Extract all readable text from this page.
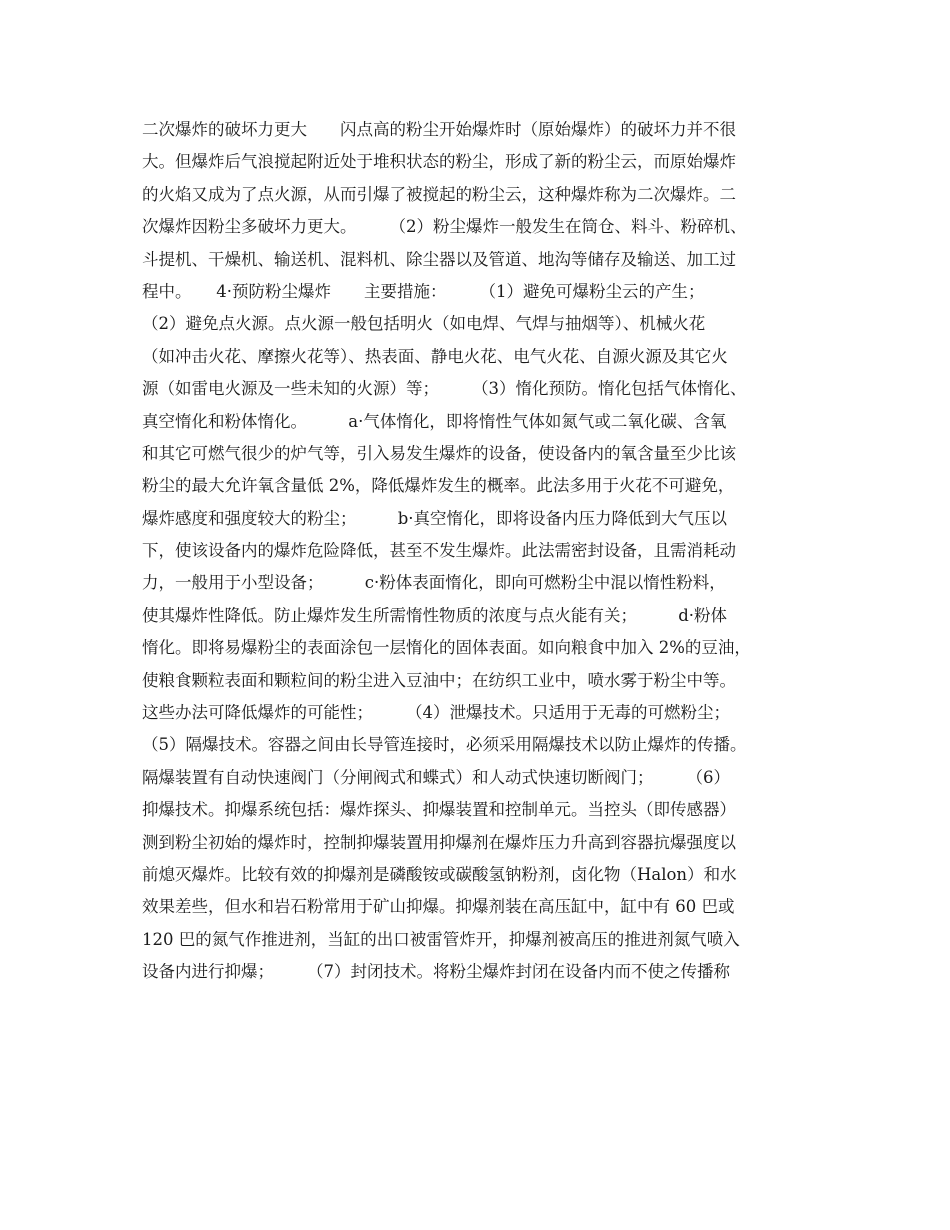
二次爆炸的破坏力更大　　闪点高的粉尘开始爆炸时（原始爆炸）的破坏力并不很
大。但爆炸后气浪搅起附近处于堆积状态的粉尘，形成了新的粉尘云，而原始爆炸
的火焰又成为了点火源，从而引爆了被搅起的粉尘云，这种爆炸称为二次爆炸。二
次爆炸因粉尘多破坏力更大。　　　（2）粉尘爆炸一般发生在筒仓、料斗、粉碎机、
斗提机、干燥机、输送机、混料机、除尘器以及管道、地沟等储存及输送、加工过
程中。　　4·预防粉尘爆炸　　主要措施：　　　（1）避免可爆粉尘云的产生；
（2）避免点火源。点火源一般包括明火（如电焊、气焊与抽烟等）、机械火花
（如冲击火花、摩擦火花等）、热表面、静电火花、电气火花、自源火源及其它火
源（如雷电火源及一些未知的火源）等；　　　（3）惰化预防。惰化包括气体惰化、
真空惰化和粉体惰化。　　　a·气体惰化，即将惰性气体如氮气或二氧化碳、含氧
和其它可燃气很少的炉气等，引入易发生爆炸的设备，使设备内的氧含量至少比该
粉尘的最大允许氧含量低 2%，降低爆炸发生的概率。此法多用于火花不可避免，
爆炸感度和强度较大的粉尘；　　　b·真空惰化，即将设备内压力降低到大气压以
下，使该设备内的爆炸危险降低，甚至不发生爆炸。此法需密封设备，且需消耗动
力，一般用于小型设备；　　　c·粉体表面惰化，即向可燃粉尘中混以惰性粉料，
使其爆炸性降低。防止爆炸发生所需惰性物质的浓度与点火能有关；　　　d·粉体
惰化。即将易爆粉尘的表面涂包一层惰化的固体表面。如向粮食中加入 2%的豆油，
使粮食颗粒表面和颗粒间的粉尘进入豆油中；在纺织工业中，喷水雾于粉尘中等。
这些办法可降低爆炸的可能性；　　　（4）泄爆技术。只适用于无毒的可燃粉尘；
（5）隔爆技术。容器之间由长导管连接时，必须采用隔爆技术以防止爆炸的传播。
隔爆装置有自动快速阀门（分闸阀式和蝶式）和人动式快速切断阀门；　　　（6）
抑爆技术。抑爆系统包括：爆炸探头、抑爆装置和控制单元。当控头（即传感器）
测到粉尘初始的爆炸时，控制抑爆装置用抑爆剂在爆炸压力升高到容器抗爆强度以
前熄灭爆炸。比较有效的抑爆剂是磷酸铵或碳酸氢钠粉剂，卤化物（Halon）和水
效果差些，但水和岩石粉常用于矿山抑爆。抑爆剂装在高压缸中，缸中有 60 巴或
120 巴的氮气作推进剂，当缸的出口被雷管炸开，抑爆剂被高压的推进剂氮气喷入
设备内进行抑爆；　　　（7）封闭技术。将粉尘爆炸封闭在设备内而不使之传播称
